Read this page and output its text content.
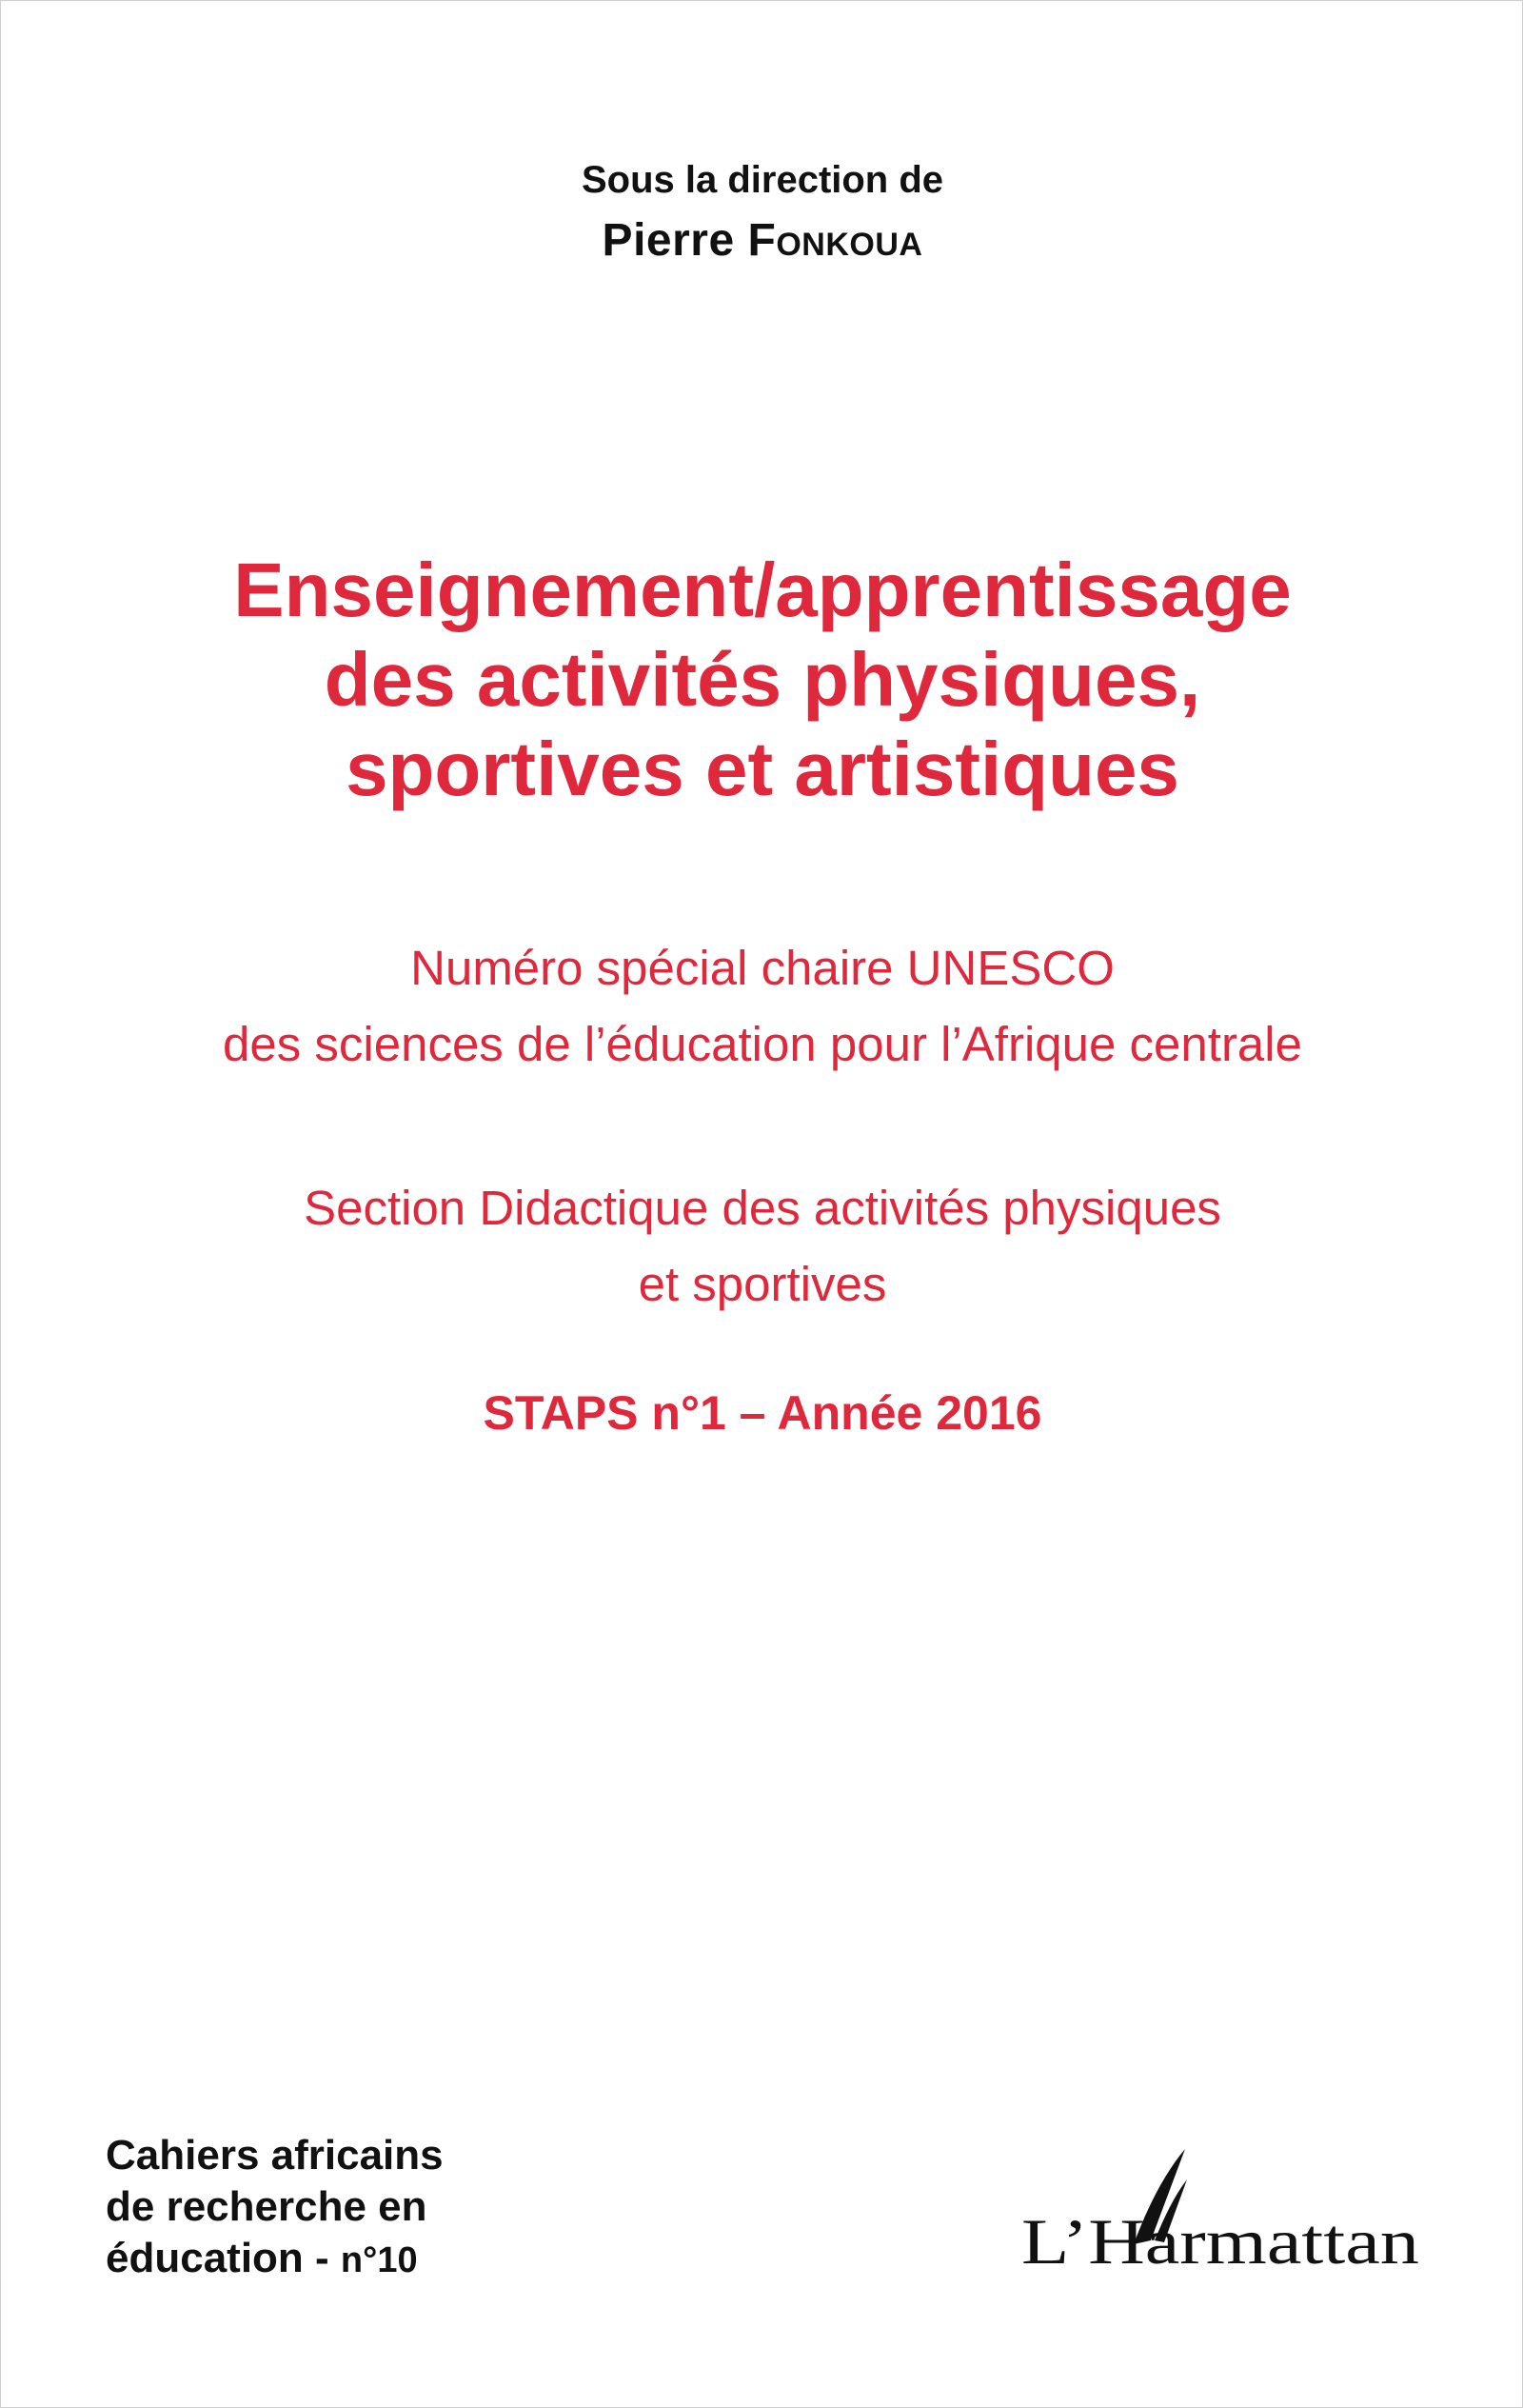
Sous la direction de
Pierre Fonkoua
Enseignement/apprentissage
des activités physiques,
sportives et artistiques
Numéro spécial chaire UNESCO
des sciences de l’éducation pour l’Afrique centrale
Section Didactique des activités physiques
et sportives
STAPS n°1 – Année 2016
Cahiers africains
de recherche en
éducation - n°10	L’Harmattan
